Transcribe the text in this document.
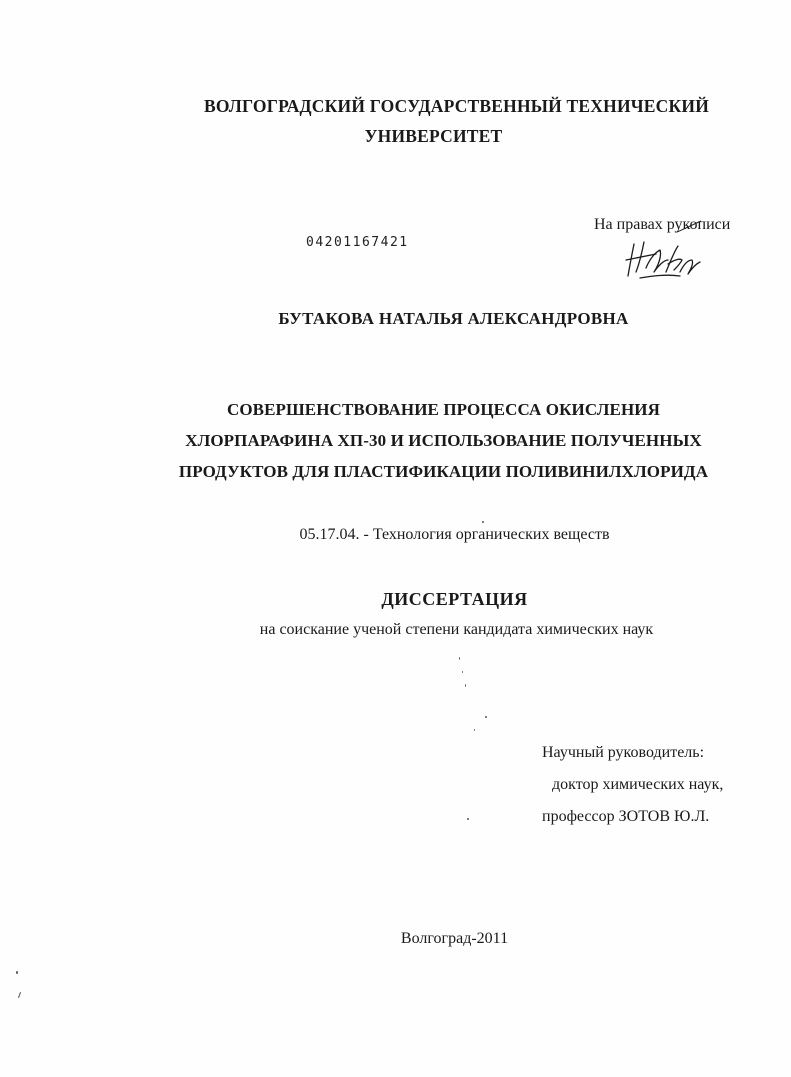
ВОЛГОГРАДСКИЙ ГОСУДАРСТВЕННЫЙ ТЕХНИЧЕСКИЙ
УНИВЕРСИТЕТ
04201167421
На правах рукописи
БУТАКОВА НАТАЛЬЯ АЛЕКСАНДРОВНА
СОВЕРШЕНСТВОВАНИЕ ПРОЦЕССА ОКИСЛЕНИЯ
ХЛОРПАРАФИНА ХП-30 И ИСПОЛЬЗОВАНИЕ ПОЛУЧЕННЫХ
ПРОДУКТОВ ДЛЯ ПЛАСТИФИКАЦИИ ПОЛИВИНИЛХЛОРИДА
05.17.04. - Технология органических веществ
ДИССЕРТАЦИЯ
на соискание ученой степени кандидата химических наук
Научный руководитель:
доктор химических наук,
профессор ЗОТОВ Ю.Л.
Волгоград-2011
